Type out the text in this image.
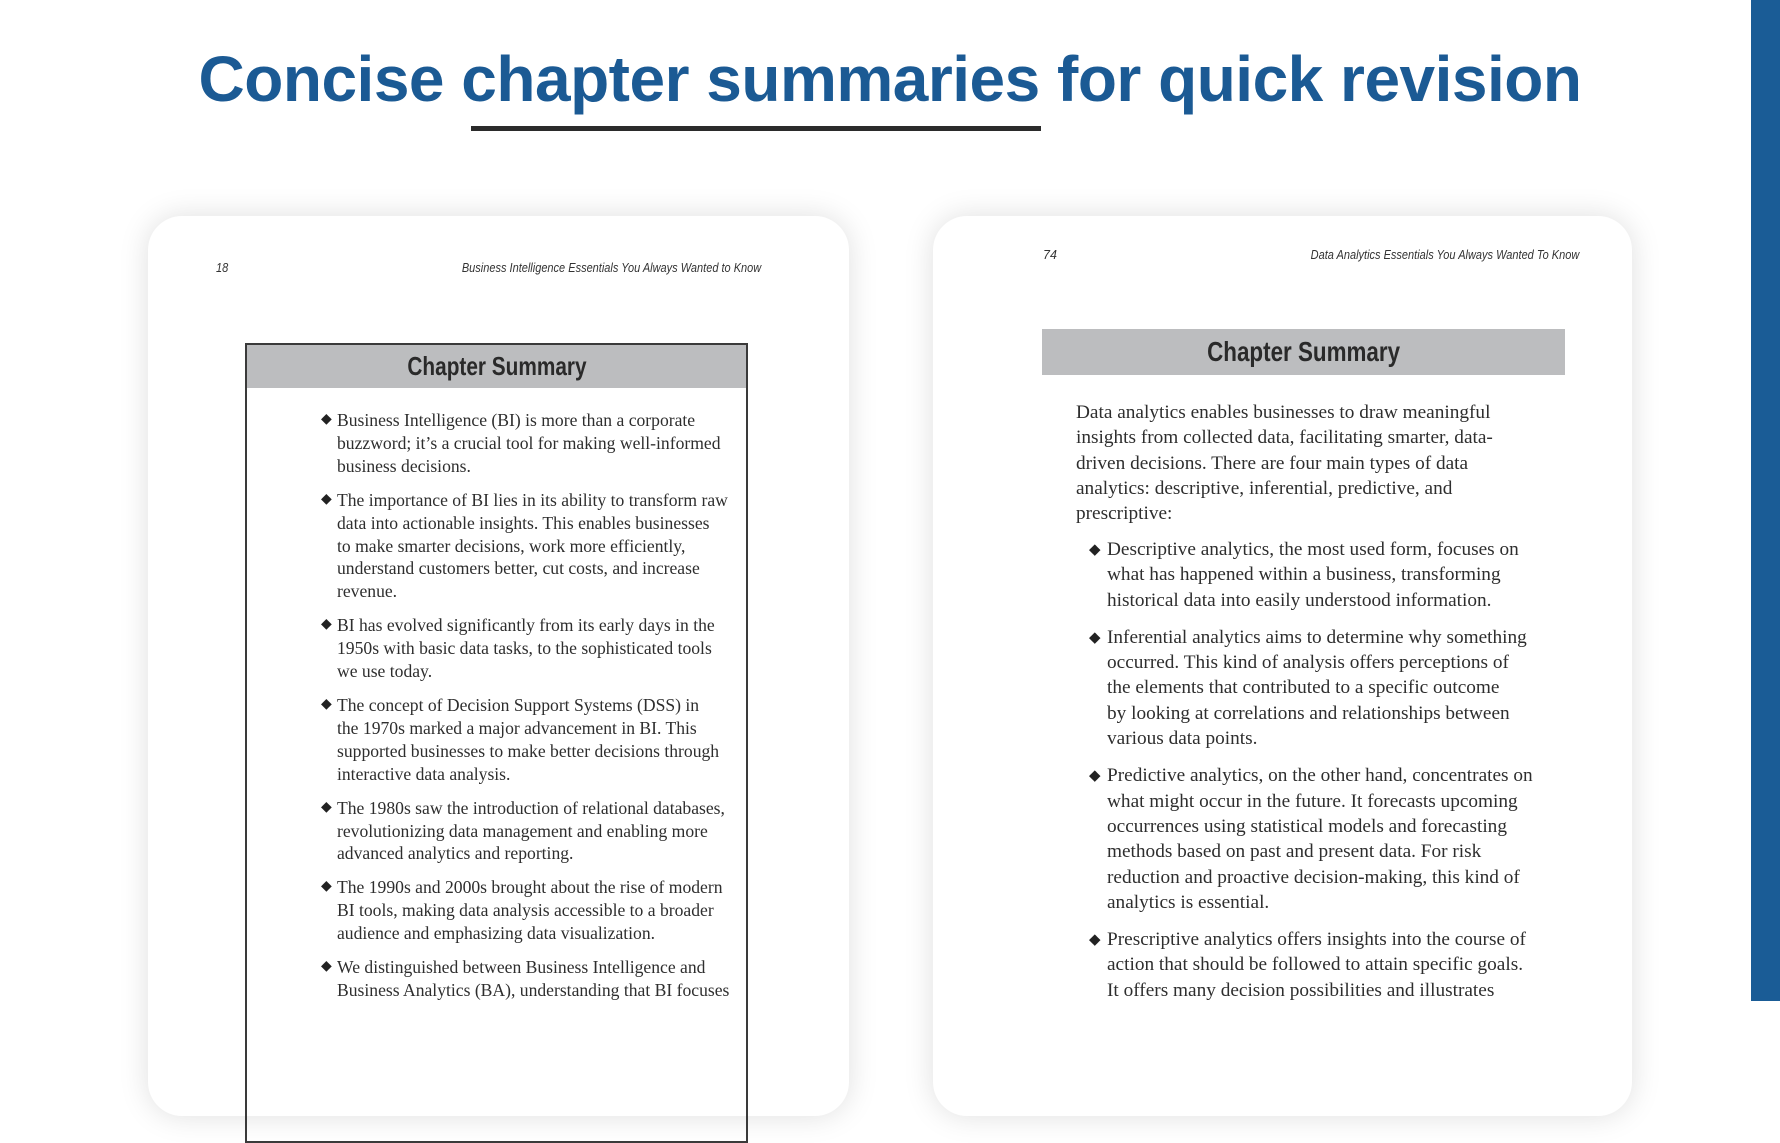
Concise chapter summaries for quick revision
18	Business Intelligence Essentials You Always Wanted to Know
Chapter Summary
◆ Business Intelligence (BI) is more than a corporate
buzzword; it’s a crucial tool for making well-informed
business decisions.
◆ The importance of BI lies in its ability to transform raw
data into actionable insights. This enables businesses
to make smarter decisions, work more efficiently,
understand customers better, cut costs, and increase
revenue.
◆ BI has evolved significantly from its early days in the
1950s with basic data tasks, to the sophisticated tools
we use today.
◆ The concept of Decision Support Systems (DSS) in
the 1970s marked a major advancement in BI. This
supported businesses to make better decisions through
interactive data analysis.
◆ The 1980s saw the introduction of relational databases,
revolutionizing data management and enabling more
advanced analytics and reporting.
◆ The 1990s and 2000s brought about the rise of modern
BI tools, making data analysis accessible to a broader
audience and emphasizing data visualization.
◆ We distinguished between Business Intelligence and
Business Analytics (BA), understanding that BI focuses
74	Data Analytics Essentials You Always Wanted To Know
Chapter Summary
Data analytics enables businesses to draw meaningful
insights from collected data, facilitating smarter, data-
driven decisions. There are four main types of data
analytics: descriptive, inferential, predictive, and
prescriptive:
◆ Descriptive analytics, the most used form, focuses on
what has happened within a business, transforming
historical data into easily understood information.
◆ Inferential analytics aims to determine why something
occurred. This kind of analysis offers perceptions of
the elements that contributed to a specific outcome
by looking at correlations and relationships between
various data points.
◆ Predictive analytics, on the other hand, concentrates on
what might occur in the future. It forecasts upcoming
occurrences using statistical models and forecasting
methods based on past and present data. For risk
reduction and proactive decision-making, this kind of
analytics is essential.
◆ Prescriptive analytics offers insights into the course of
action that should be followed to attain specific goals.
It offers many decision possibilities and illustrates
